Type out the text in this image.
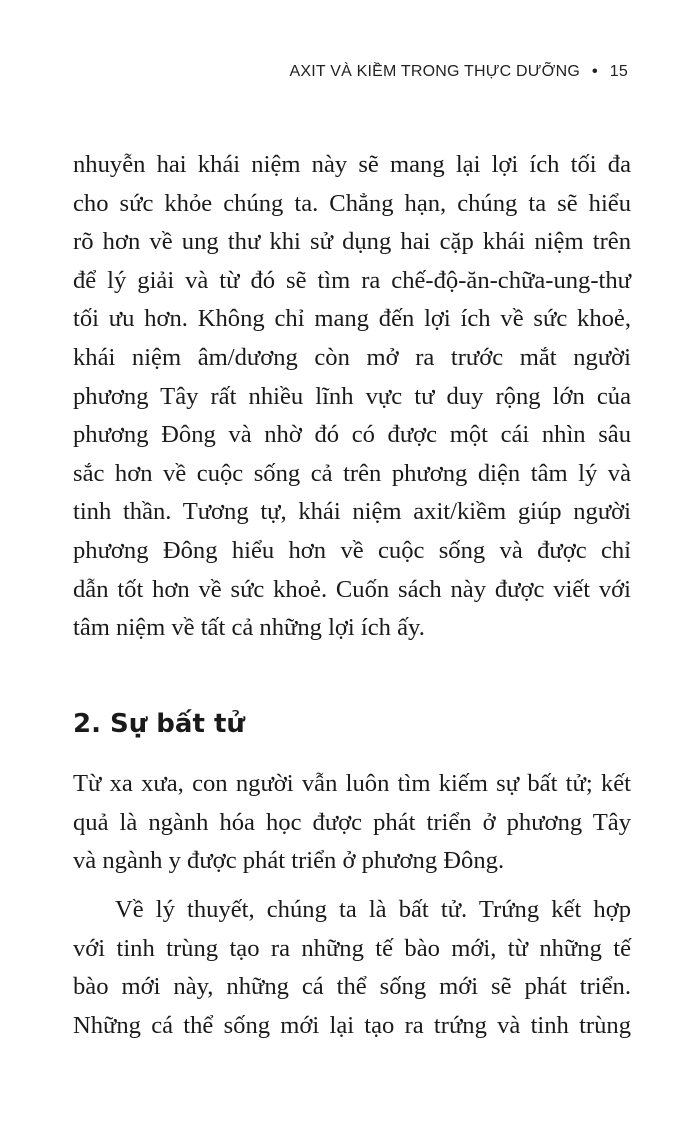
AXIT VÀ KIỀM TRONG THỰC DƯỠNG • 15
nhuyễn hai khái niệm này sẽ mang lại lợi ích tối đa
cho sức khỏe chúng ta. Chẳng hạn, chúng ta sẽ hiểu
rõ hơn về ung thư khi sử dụng hai cặp khái niệm trên
để lý giải và từ đó sẽ tìm ra chế-độ-ăn-chữa-ung-thư
tối ưu hơn. Không chỉ mang đến lợi ích về sức khoẻ,
khái niệm âm/dương còn mở ra trước mắt người
phương Tây rất nhiều lĩnh vực tư duy rộng lớn của
phương Đông và nhờ đó có được một cái nhìn sâu
sắc hơn về cuộc sống cả trên phương diện tâm lý và
tinh thần. Tương tự, khái niệm axit/kiềm giúp người
phương Đông hiểu hơn về cuộc sống và được chỉ
dẫn tốt hơn về sức khoẻ. Cuốn sách này được viết với
tâm niệm về tất cả những lợi ích ấy.
2. Sự bất tử
Từ xa xưa, con người vẫn luôn tìm kiếm sự bất tử; kết
quả là ngành hóa học được phát triển ở phương Tây
và ngành y được phát triển ở phương Đông.
Về lý thuyết, chúng ta là bất tử. Trứng kết hợp
với tinh trùng tạo ra những tế bào mới, từ những tế
bào mới này, những cá thể sống mới sẽ phát triển.
Những cá thể sống mới lại tạo ra trứng và tinh trùng
